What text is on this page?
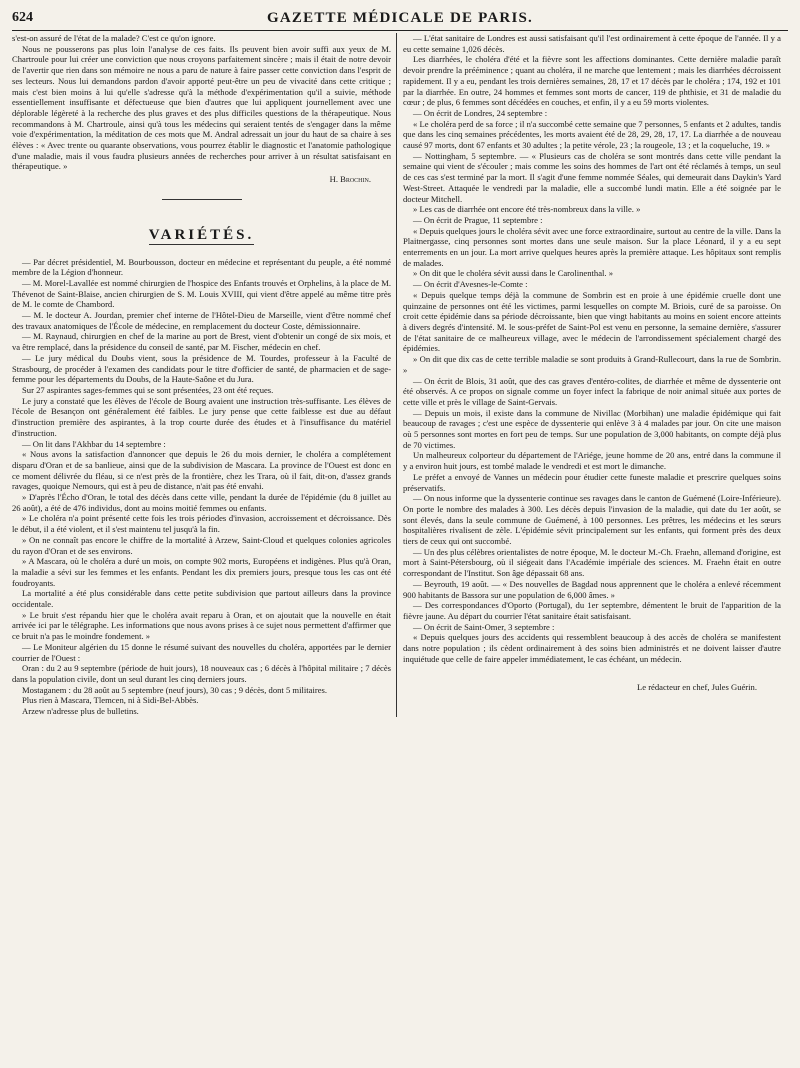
624	GAZETTE MÉDICALE DE PARIS.

s'est-on assuré de l'état de la malade? C'est ce qu'on ignore.

Nous ne pousserons pas plus loin l'analyse de ces faits. Ils peuvent bien avoir suffi aux yeux de M. Chartroule pour lui créer une conviction que nous croyons parfaitement sincère ; mais il était de notre devoir de l'avertir que rien dans son mémoire ne nous a paru de nature à faire passer cette conviction dans l'esprit de ses lecteurs. Nous lui demandons pardon d'avoir apporté peut-être un peu de vivacité dans cette critique ; mais c'est bien moins à lui qu'elle s'adresse qu'à la méthode d'expérimentation qu'il a suivie, méthode essentiellement insuffisante et défectueuse que bien d'autres que lui appliquent journellement avec une déplorable légèreté à la recherche des plus graves et des plus difficiles questions de la thérapeutique. Nous recommandons à M. Chartroule, ainsi qu'à tous les médecins qui seraient tentés de s'engager dans la même voie d'expérimentation, la méditation de ces mots que M. Andral adressait un jour du haut de sa chaire à ses élèves : « Avec trente ou quarante observations, vous pourrez établir le diagnostic et l'anatomie pathologique d'une maladie, mais il vous faudra plusieurs années de recherches pour arriver à un résultat satisfaisant en thérapeutique. »

H. Brochin.
VARIÉTÉS.

— Par décret présidentiel, M. Bourbousson, docteur en médecine et représentant du peuple, a été nommé membre de la Légion d'honneur.

— M. Morel-Lavallée est nommé chirurgien de l'hospice des Enfants trouvés et Orphelins, à la place de M. Thévenot de Saint-Blaise, ancien chirurgien de S. M. Louis XVIII, qui vient d'être appelé au même titre près de M. le comte de Chambord.

— M. le docteur A. Jourdan, premier chef interne de l'Hôtel-Dieu de Marseille, vient d'être nommé chef des travaux anatomiques de l'École de médecine, en remplacement du docteur Coste, démissionnaire.

— M. Raynaud, chirurgien en chef de la marine au port de Brest, vient d'obtenir un congé de six mois, et va être remplacé, dans la présidence du conseil de santé, par M. Fischer, médecin en chef.

— Le jury médical du Doubs vient, sous la présidence de M. Tourdes, professeur à la Faculté de Strasbourg, de procéder à l'examen des candidats pour le titre d'officier de santé, de pharmacien et de sage-femme pour les départements du Doubs, de la Haute-Saône et du Jura.

Sur 27 aspirantes sages-femmes qui se sont présentées, 23 ont été reçues.

Le jury a constaté que les élèves de l'école de Bourg avaient une instruction très-suffisante. Les élèves de l'école de Besançon ont généralement été faibles. Le jury pense que cette faiblesse est due au défaut d'instruction première des aspirantes, à la trop courte durée des études et à l'insuffisance du matériel d'instruction.

— On lit dans l'Akhbar du 14 septembre :

« Nous avons la satisfaction d'annoncer que depuis le 26 du mois dernier, le choléra a complétement disparu d'Oran et de sa banlieue, ainsi que de la subdivision de Mascara. La province de l'Ouest est donc en ce moment délivrée du fléau, si ce n'est près de la frontière, chez les Trara, où il fait, dit-on, d'assez grands ravages, quoique Nemours, qui est à peu de distance, n'ait pas été envahi.

» D'après l'Écho d'Oran, le total des décès dans cette ville, pendant la durée de l'épidémie (du 8 juillet au 26 août), a été de 476 individus, dont au moins moitié femmes ou enfants.

» Le choléra n'a point présenté cette fois les trois périodes d'invasion, accroissement et décroissance. Dès le début, il a été violent, et il s'est maintenu tel jusqu'à la fin.

» On ne connaît pas encore le chiffre de la mortalité à Arzew, Saint-Cloud et quelques colonies agricoles du rayon d'Oran et de ses environs.

» A Mascara, où le choléra a duré un mois, on compte 902 morts, Européens et indigènes. Plus qu'à Oran, la maladie a sévi sur les femmes et les enfants. Pendant les dix premiers jours, presque tous les cas ont été foudroyants.

La mortalité a été plus considérable dans cette petite subdivision que partout ailleurs dans la province occidentale.

» Le bruit s'est répandu hier que le choléra avait reparu à Oran, et on ajoutait que la nouvelle en était arrivée ici par le télégraphe. Les informations que nous avons prises à ce sujet nous permettent d'affirmer que ce bruit n'a pas le moindre fondement. »

— Le Moniteur algérien du 15 donne le résumé suivant des nouvelles du choléra, apportées par le dernier courrier de l'Ouest :

Oran : du 2 au 9 septembre (période de huit jours), 18 nouveaux cas ; 6 décès à l'hôpital militaire ; 7 décès dans la population civile, dont un seul durant les cinq derniers jours.

Mostaganem : du 28 août au 5 septembre (neuf jours), 30 cas ; 9 décès, dont 5 militaires.

Plus rien à Mascara, Tlemcen, ni à Sidi-Bel-Abbès.

Arzew n'adresse plus de bulletins.

— L'état sanitaire de Londres est aussi satisfaisant qu'il l'est ordinairement à cette époque de l'année. Il y a eu cette semaine 1,026 décès.

Les diarrhées, le choléra d'été et la fièvre sont les affections dominantes. Cette dernière maladie paraît devoir prendre la prééminence ; quant au choléra, il ne marche que lentement ; mais les diarrhées décroissent rapidement. Il y a eu, pendant les trois dernières semaines, 28, 17 et 17 décès par le choléra ; 174, 192 et 101 par la diarrhée. En outre, 24 hommes et femmes sont morts de cancer, 119 de phthisie, et 31 de maladie du cœur ; de plus, 6 femmes sont décédées en couches, et enfin, il y a eu 59 morts violentes.

— On écrit de Londres, 24 septembre :

« Le choléra perd de sa force ; il n'a succombé cette semaine que 7 personnes, 5 enfants et 2 adultes, tandis que dans les cinq semaines précédentes, les morts avaient été de 28, 29, 28, 17, 17. La diarrhée a de nouveau causé 97 morts, dont 67 enfants et 30 adultes ; la petite vérole, 23 ; la rougeole, 13 ; et la coqueluche, 19. »

— Nottingham, 5 septembre. — « Plusieurs cas de choléra se sont montrés dans cette ville pendant la semaine qui vient de s'écouler ; mais comme les soins des hommes de l'art ont été réclamés à temps, un seul de ces cas s'est terminé par la mort. Il s'agit d'une femme nommée Séales, qui demeurait dans Daykin's Yard West-Street. Attaquée le vendredi par la maladie, elle a succombé lundi matin. Elle a été soignée par le docteur Mitchell.

» Les cas de diarrhée ont encore été très-nombreux dans la ville. »

— On écrit de Prague, 11 septembre :

« Depuis quelques jours le choléra sévit avec une force extraordinaire, surtout au centre de la ville. Dans la Plaitnergasse, cinq personnes sont mortes dans une seule maison. Sur la place Léonard, il y a eu sept enterrements en un jour. La mort arrive quelques heures après la première attaque. Les hôpitaux sont remplis de malades.

» On dit que le choléra sévit aussi dans le Carolinenthal. »

— On écrit d'Avesnes-le-Comte :

« Depuis quelque temps déjà la commune de Sombrin est en proie à une épidémie cruelle dont une quinzaine de personnes ont été les victimes, parmi lesquelles on compte M. Briois, curé de sa paroisse. On croit cette épidémie dans sa période décroissante, bien que vingt habitants au moins en soient encore atteints à divers degrés d'intensité. M. le sous-préfet de Saint-Pol est venu en personne, la semaine dernière, s'assurer de l'état sanitaire de ce malheureux village, avec le médecin de l'arrondissement spécialement chargé des épidémies.

» On dit que dix cas de cette terrible maladie se sont produits à Grand-Rullecourt, dans la rue de Sombrin. »

— On écrit de Blois, 31 août, que des cas graves d'entéro-colites, de diarrhée et même de dyssenterie ont été observés. A ce propos on signale comme un foyer infect la fabrique de noir animal située aux portes de cette ville et près le village de Saint-Gervais.

— Depuis un mois, il existe dans la commune de Nivillac (Morbihan) une maladie épidémique qui fait beaucoup de ravages ; c'est une espèce de dyssenterie qui enlève 3 à 4 malades par jour. On cite une maison où 5 personnes sont mortes en fort peu de temps. Sur une population de 3,000 habitants, on compte déjà plus de 70 victimes.

Un malheureux colporteur du département de l'Ariége, jeune homme de 20 ans, entré dans la commune il y a environ huit jours, est tombé malade le vendredi et est mort le dimanche.

Le préfet a envoyé de Vannes un médecin pour étudier cette funeste maladie et prescrire quelques soins préservatifs.

— On nous informe que la dyssenterie continue ses ravages dans le canton de Guémené (Loire-Inférieure). On porte le nombre des malades à 300. Les décès depuis l'invasion de la maladie, qui date du 1er août, se sont élevés, dans la seule commune de Guémené, à 100 personnes. Les prêtres, les médecins et les sœurs hospitalières rivalisent de zèle. L'épidémie sévit principalement sur les enfants, qui forment près des deux tiers de ceux qui ont succombé.

— Un des plus célèbres orientalistes de notre époque, M. le docteur M.-Ch. Fraehn, allemand d'origine, est mort à Saint-Pétersbourg, où il siégeait dans l'Académie impériale des sciences. M. Fraehn était en outre correspondant de l'Institut. Son âge dépassait 68 ans.

— Beyrouth, 19 août. — « Des nouvelles de Bagdad nous apprennent que le choléra a enlevé récemment 900 habitants de Bassora sur une population de 6,000 âmes. »

— Des correspondances d'Oporto (Portugal), du 1er septembre, démentent le bruit de l'apparition de la fièvre jaune. Au départ du courrier l'état sanitaire était satisfaisant.

— On écrit de Saint-Omer, 3 septembre :

« Depuis quelques jours des accidents qui ressemblent beaucoup à des accès de choléra se manifestent dans notre population ; ils cèdent ordinairement à des soins bien administrés et ne doivent laisser d'autre inquiétude que celle de faire appeler immédiatement, le cas échéant, un médecin.

Le rédacteur en chef, Jules Guérin.
